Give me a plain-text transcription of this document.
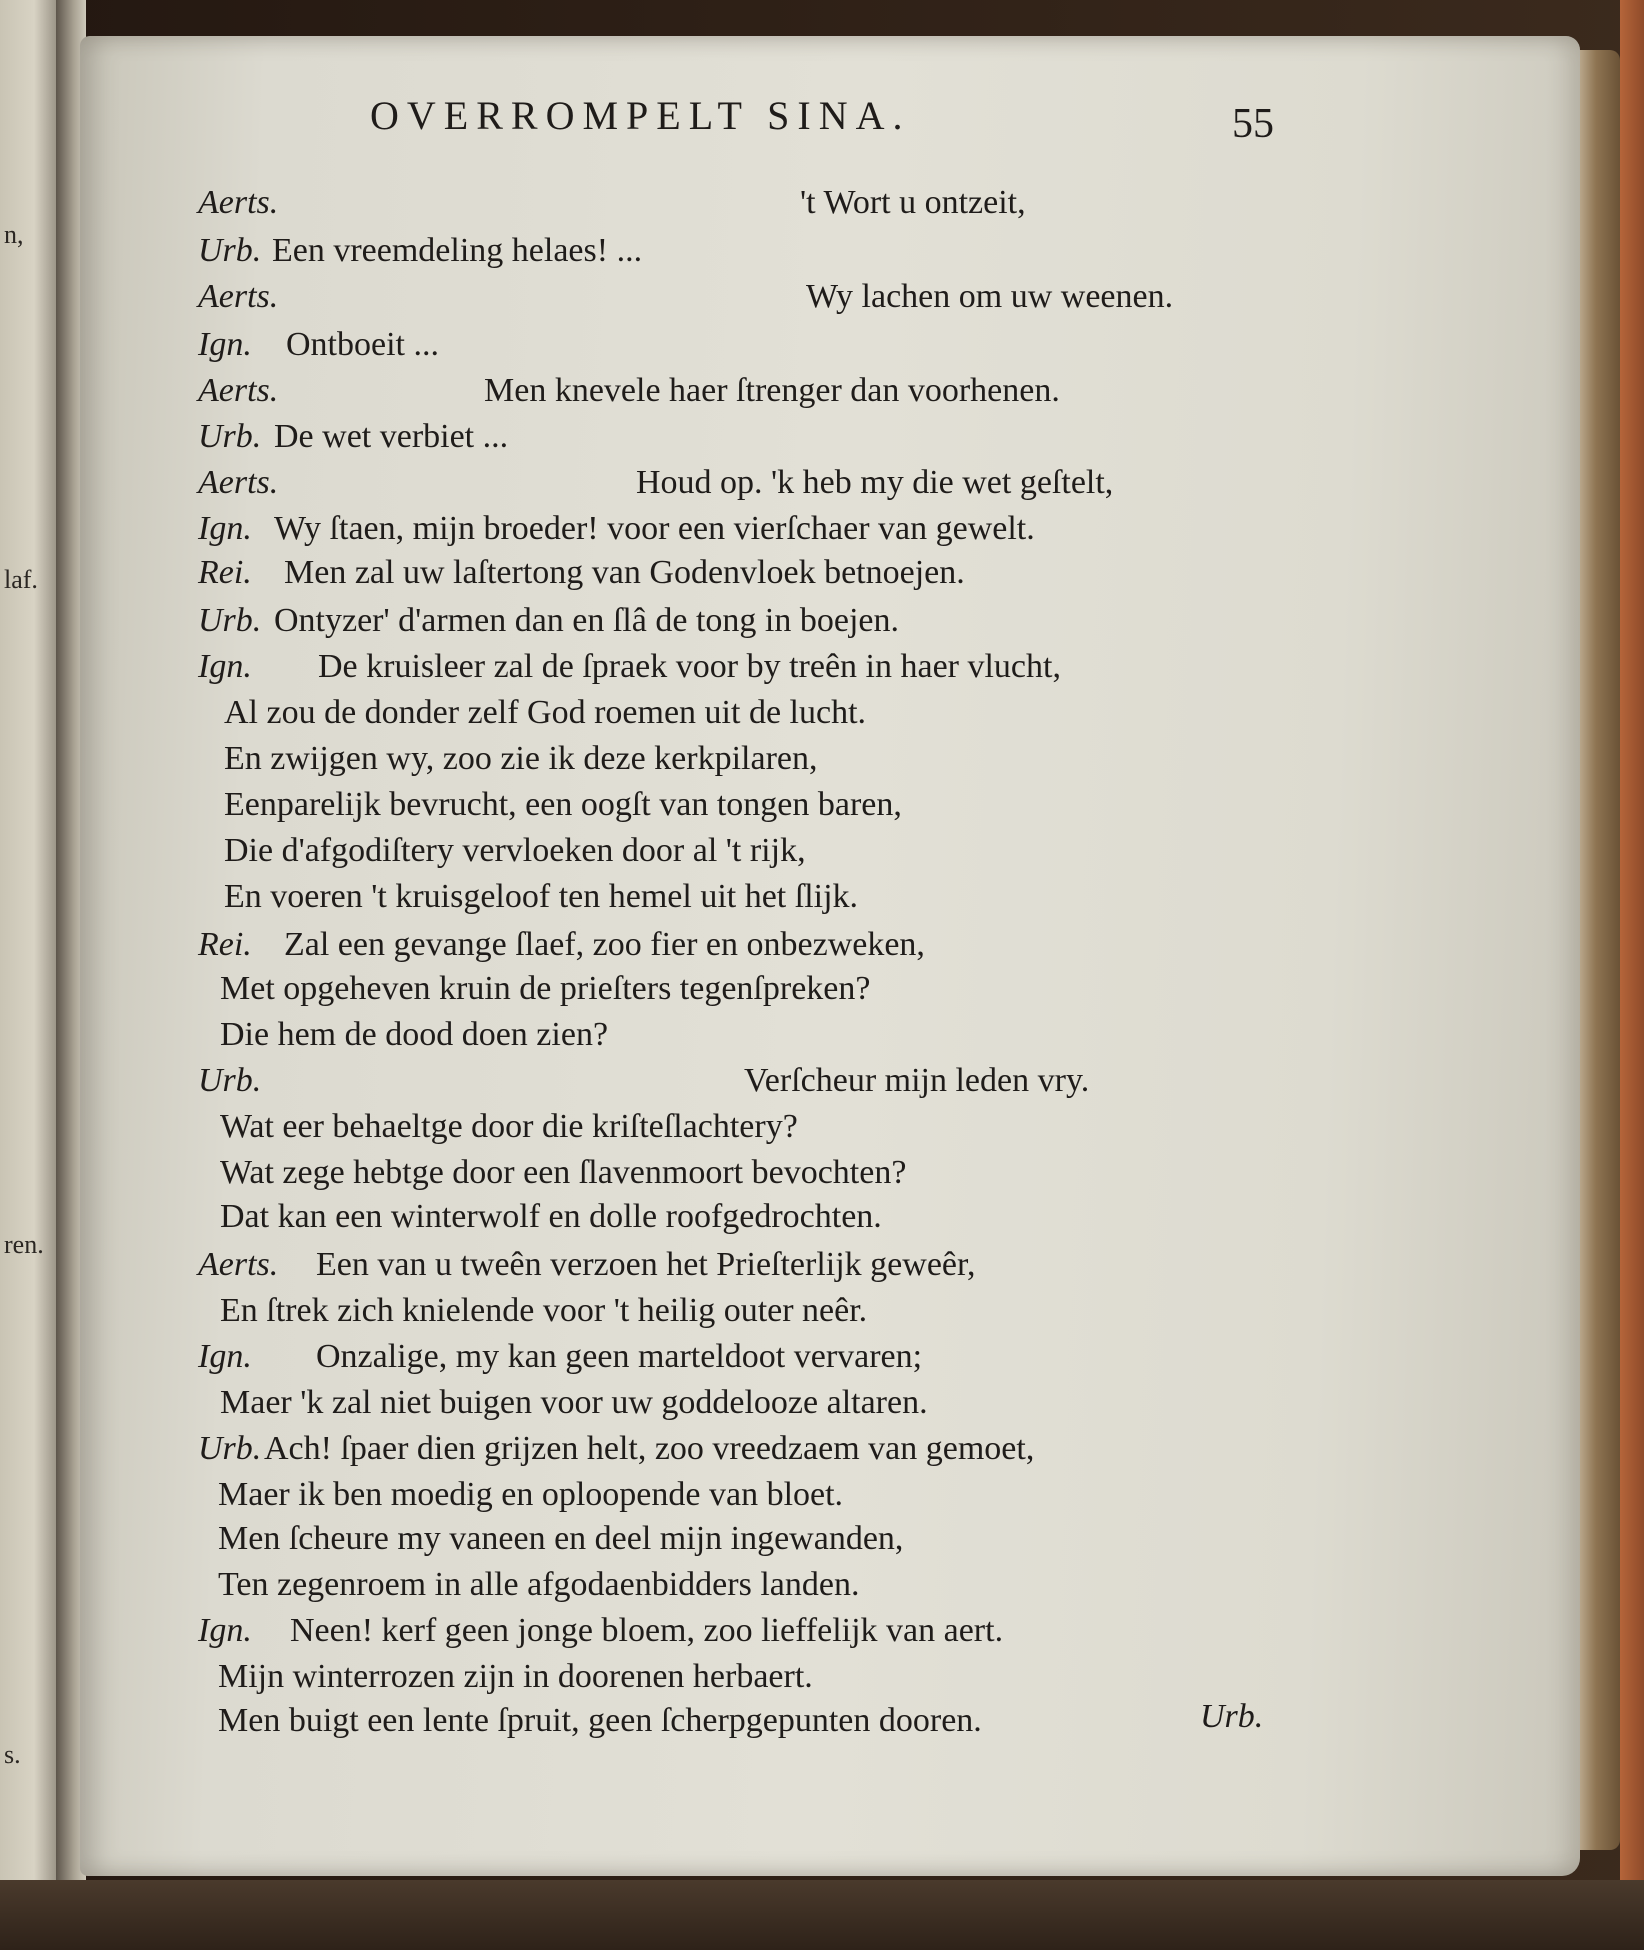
n,
laf.
ren.
s.
OVERROMPELT SINA.	55
Aerts.	't Wort u ontzeit,
Urb. Een vreemdeling helaes! ...
Aerts.	Wy lachen om uw weenen.
Ign. Ontboeit ...
Aerts.	Men knevele haer ſtrenger dan voorhenen.
Urb. De wet verbiet ...
Aerts.	Houd op. 'k heb my die wet geſtelt,
Ign. Wy ſtaen, mijn broeder! voor een vierſchaer van gewelt.
Rei. Men zal uw laſtertong van Godenvloek betnoejen.
Urb. Ontyzer' d'armen dan en ſlâ de tong in boejen.
Ign. De kruisleer zal de ſpraek voor by treên in haer vlucht,
Al zou de donder zelf God roemen uit de lucht.
En zwijgen wy, zoo zie ik deze kerkpilaren,
Eenparelijk bevrucht, een oogſt van tongen baren,
Die d'afgodiſtery vervloeken door al 't rijk,
En voeren 't kruisgeloof ten hemel uit het ſlijk.
Rei. Zal een gevange ſlaef, zoo fier en onbezweken,
Met opgeheven kruin de prieſters tegenſpreken?
Die hem de dood doen zien?
Urb.	Verſcheur mijn leden vry.
Wat eer behaeltge door die kriſteſlachtery?
Wat zege hebtge door een ſlavenmoort bevochten?
Dat kan een winterwolf en dolle roofgedrochten.
Aerts. Een van u tweên verzoen het Prieſterlijk geweêr,
En ſtrek zich knielende voor 't heilig outer neêr.
Ign. Onzalige, my kan geen marteldoot vervaren;
Maer 'k zal niet buigen voor uw goddelooze altaren.
Urb. Ach! ſpaer dien grijzen helt, zoo vreedzaem van gemoet,
Maer ik ben moedig en oploopende van bloet.
Men ſcheure my vaneen en deel mijn ingewanden,
Ten zegenroem in alle afgodaenbidders landen.
Ign. Neen! kerf geen jonge bloem, zoo lieffelijk van aert.
Mijn winterrozen zijn in doorenen herbaert.
Men buigt een lente ſpruit, geen ſcherpgepunten dooren.	Urb.
